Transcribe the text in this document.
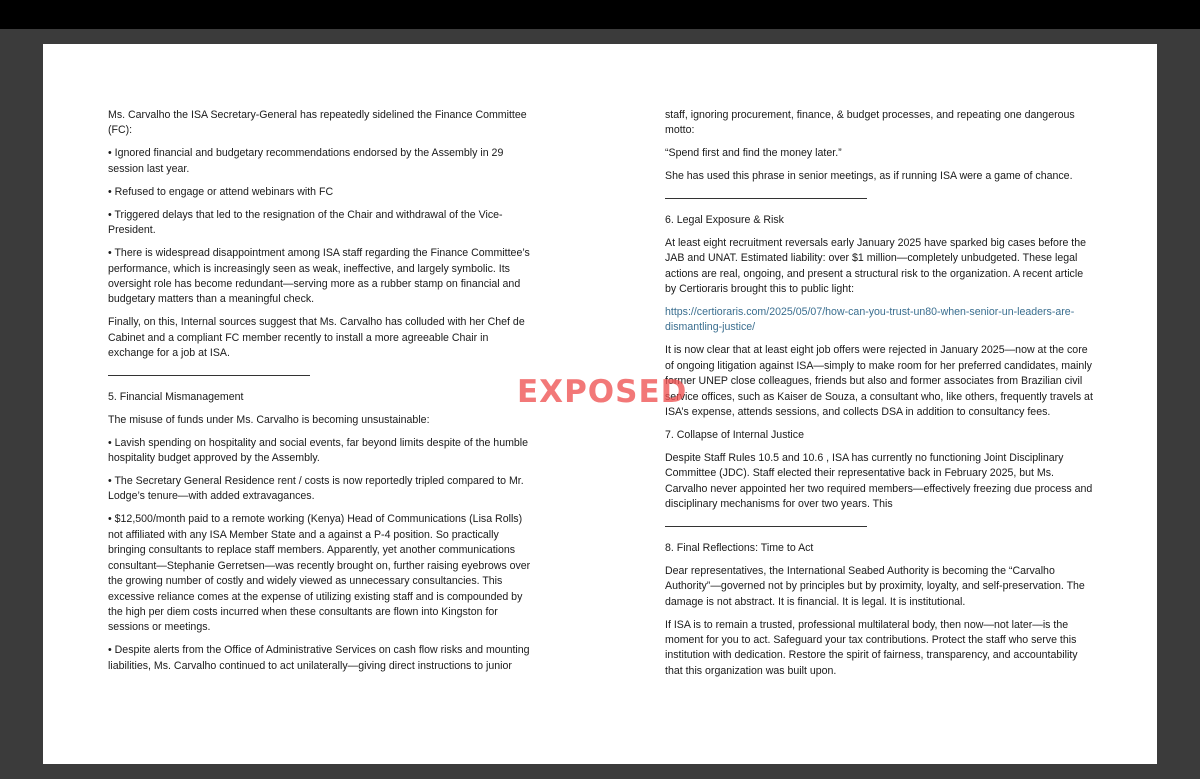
Ms. Carvalho the ISA Secretary-General has repeatedly sidelined the Finance Committee (FC):

• Ignored financial and budgetary recommendations endorsed by the Assembly in 29 session last year.

• Refused to engage or attend webinars with FC

• Triggered delays that led to the resignation of the Chair and withdrawal of the Vice-President.

• There is widespread disappointment among ISA staff regarding the Finance Committee’s performance, which is increasingly seen as weak, ineffective, and largely symbolic. Its oversight role has become redundant—serving more as a rubber stamp on financial and budgetary matters than a meaningful check.

Finally, on this, Internal sources suggest that Ms. Carvalho has colluded with her Chef de Cabinet and a compliant FC member recently to install a more agreeable Chair in exchange for a job at ISA.

5. Financial Mismanagement

The misuse of funds under Ms. Carvalho is becoming unsustainable:

• Lavish spending on hospitality and social events, far beyond limits despite of the humble hospitality budget approved by the Assembly.

• The Secretary General Residence rent / costs is now reportedly tripled compared to Mr. Lodge’s tenure—with added extravagances.

• $12,500/month paid to a remote working (Kenya) Head of Communications (Lisa Rolls) not affiliated with any ISA Member State and a against a P-4 position. So practically bringing consultants to replace staff members. Apparently, yet another communications consultant—Stephanie Gerretsen—was recently brought on, further raising eyebrows over the growing number of costly and widely viewed as unnecessary consultancies. This excessive reliance comes at the expense of utilizing existing staff and is compounded by the high per diem costs incurred when these consultants are flown into Kingston for sessions or meetings.

• Despite alerts from the Office of Administrative Services on cash flow risks and mounting liabilities, Ms. Carvalho continued to act unilaterally—giving direct instructions to junior

staff, ignoring procurement, finance, & budget processes, and repeating one dangerous motto:

“Spend first and find the money later.”

She has used this phrase in senior meetings, as if running ISA were a game of chance.

6. Legal Exposure & Risk

At least eight recruitment reversals early January 2025 have sparked big cases before the JAB and UNAT. Estimated liability: over $1 million—completely unbudgeted. These legal actions are real, ongoing, and present a structural risk to the organization. A recent article by Certioraris brought this to public light:

https://certioraris.com/2025/05/07/how-can-you-trust-un80-when-senior-un-leaders-are-dismantling-justice/

It is now clear that at least eight job offers were rejected in January 2025—now at the core of ongoing litigation against ISA—simply to make room for her preferred candidates, mainly former UNEP close colleagues, friends but also and former associates from Brazilian civil service offices, such as Kaiser de Souza, a consultant who, like others, frequently travels at ISA’s expense, attends sessions, and collects DSA in addition to consultancy fees.

7. Collapse of Internal Justice

Despite Staff Rules 10.5 and 10.6 , ISA has currently no functioning Joint Disciplinary Committee (JDC). Staff elected their representative back in February 2025, but Ms. Carvalho never appointed her two required members—effectively freezing due process and disciplinary mechanisms for over two years. This

8. Final Reflections: Time to Act

Dear representatives, the International Seabed Authority is becoming the “Carvalho Authority”—governed not by principles but by proximity, loyalty, and self-preservation. The damage is not abstract. It is financial. It is legal. It is institutional.

If ISA is to remain a trusted, professional multilateral body, then now—not later—is the moment for you to act. Safeguard your tax contributions. Protect the staff who serve this institution with dedication. Restore the spirit of fairness, transparency, and accountability that this organization was built upon.

EXPOSED
